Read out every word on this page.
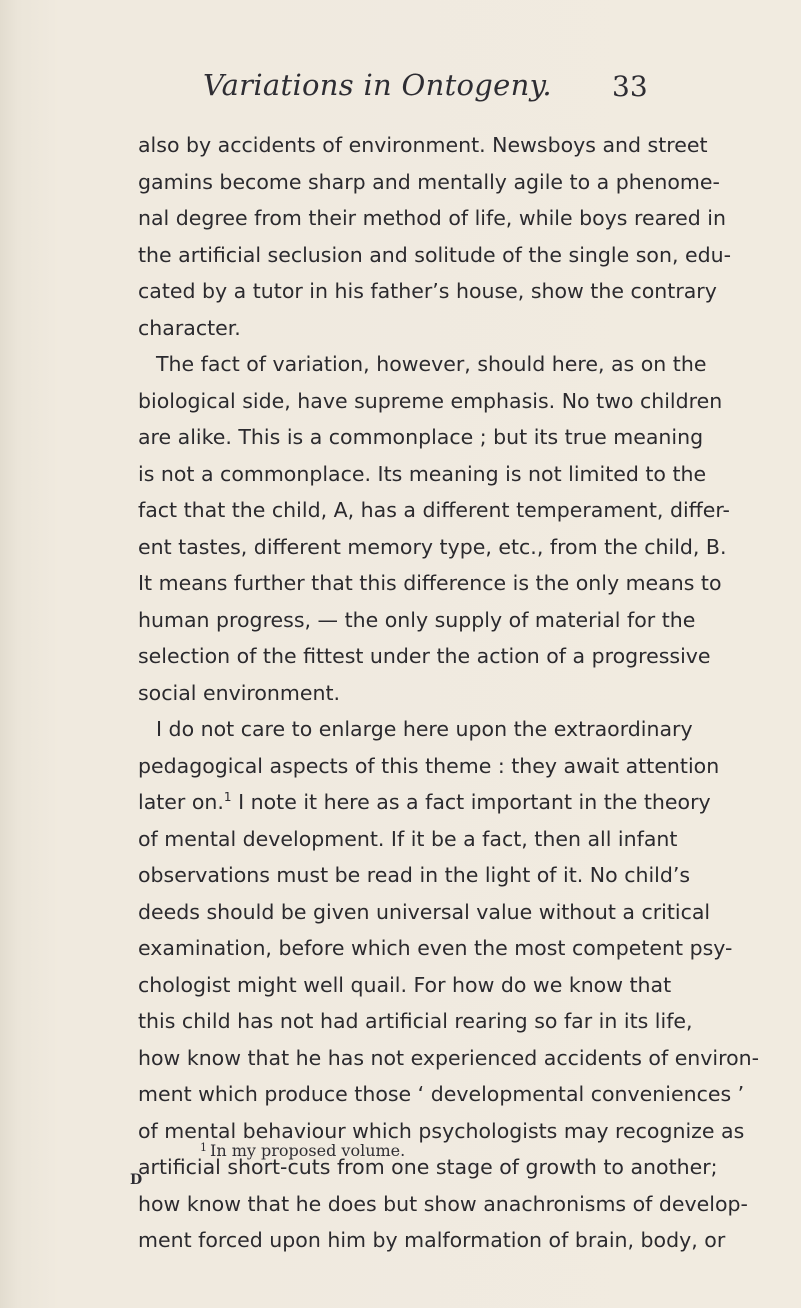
Variations in Ontogeny. 33
also by accidents of environment. Newsboys and street
gamins become sharp and mentally agile to a phenome-
nal degree from their method of life, while boys reared in
the artificial seclusion and solitude of the single son, edu-
cated by a tutor in his father’s house, show the contrary
character.
The fact of variation, however, should here, as on the
biological side, have supreme emphasis. No two children
are alike. This is a commonplace ; but its true meaning
is not a commonplace. Its meaning is not limited to the
fact that the child, A, has a different temperament, differ-
ent tastes, different memory type, etc., from the child, B.
It means further that this difference is the only means to
human progress, — the only supply of material for the
selection of the fittest under the action of a progressive
social environment.
I do not care to enlarge here upon the extraordinary
pedagogical aspects of this theme : they await attention
later on.$^1$ I note it here as a fact important in the theory
of mental development. If it be a fact, then all infant
observations must be read in the light of it. No child’s
deeds should be given universal value without a critical
examination, before which even the most competent psy-
chologist might well quail. For how do we know that
this child has not had artificial rearing so far in its life,
how know that he has not experienced accidents of environ-
ment which produce those ‘ developmental conveniences ’
of mental behaviour which psychologists may recognize as
artificial short-cuts from one stage of growth to another;
how know that he does but show anachronisms of develop-
ment forced upon him by malformation of brain, body, or
$^1$ In my proposed volume.
D
